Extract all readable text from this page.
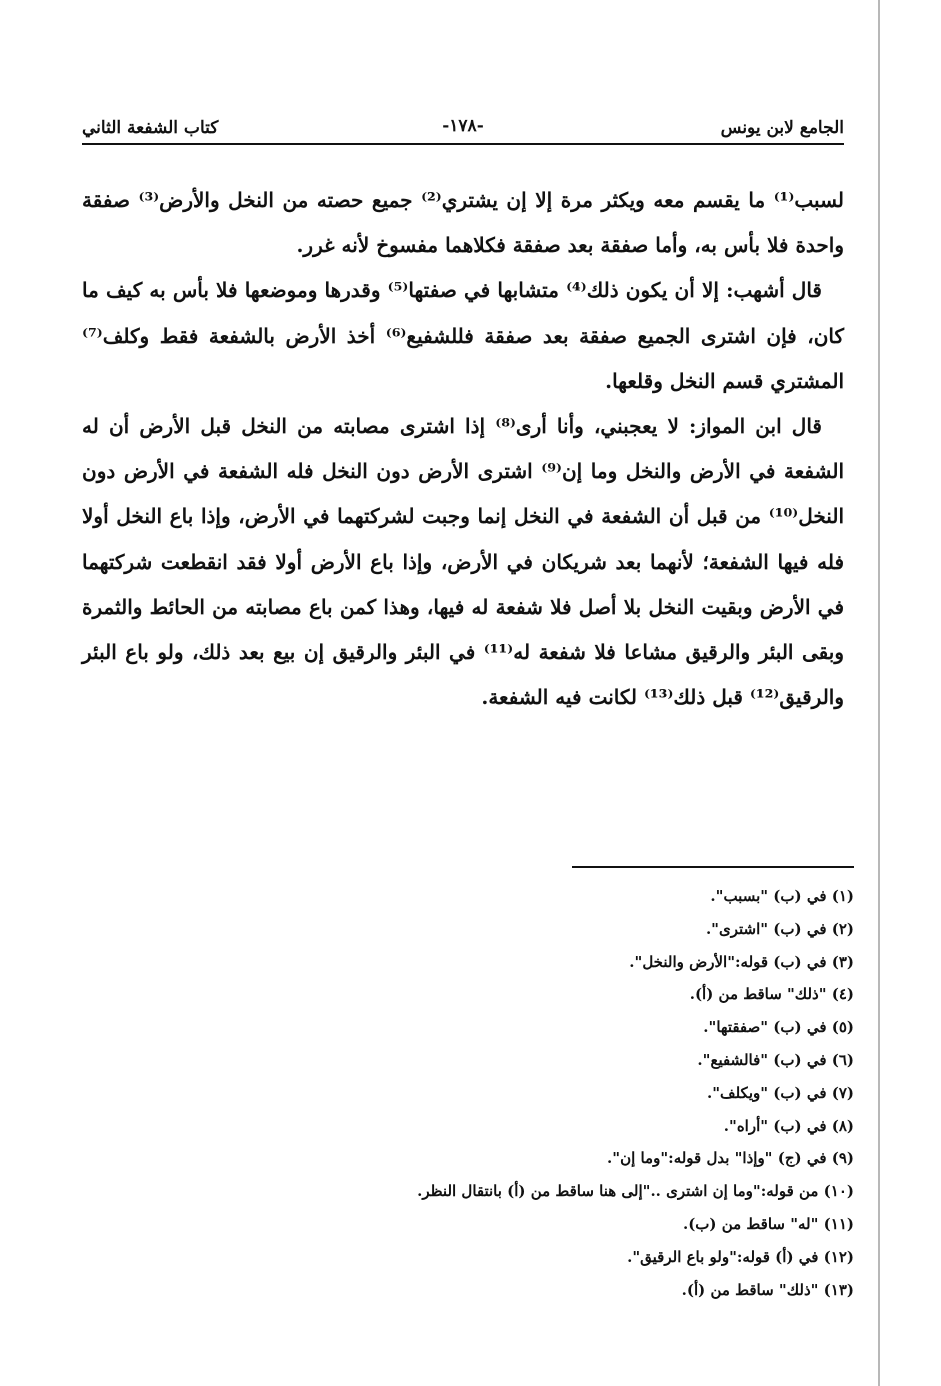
الجامع لابن يونس
-١٧٨-
كتاب الشفعة الثاني

لسبب⁽¹⁾ ما يقسم معه ويكثر مرة إلا إن يشتري⁽²⁾ جميع حصته من النخل والأرض⁽³⁾ صفقة واحدة فلا بأس به، وأما صفقة بعد صفقة فكلاهما مفسوخ لأنه غرر.

قال أشهب: إلا أن يكون ذلك⁽⁴⁾ متشابها في صفتها⁽⁵⁾ وقدرها وموضعها فلا بأس به كيف ما كان، فإن اشترى الجميع صفقة بعد صفقة فللشفيع⁽⁶⁾ أخذ الأرض بالشفعة فقط وكلف⁽⁷⁾ المشتري قسم النخل وقلعها.

قال ابن المواز: لا يعجبني، وأنا أرى⁽⁸⁾ إذا اشترى مصابته من النخل قبل الأرض أن له الشفعة في الأرض والنخل وما إن⁽⁹⁾ اشترى الأرض دون النخل فله الشفعة في الأرض دون النخل⁽¹⁰⁾ من قبل أن الشفعة في النخل إنما وجبت لشركتهما في الأرض، وإذا باع النخل أولا فله فيها الشفعة؛ لأنهما بعد شريكان في الأرض، وإذا باع الأرض أولا فقد انقطعت شركتهما في الأرض وبقيت النخل بلا أصل فلا شفعة له فيها، وهذا كمن باع مصابته من الحائط والثمرة وبقى البئر والرقيق مشاعا فلا شفعة له⁽¹¹⁾ في البئر والرقيق إن بيع بعد ذلك، ولو باع البئر والرقيق⁽¹²⁾ قبل ذلك⁽¹³⁾ لكانت فيه الشفعة.

(١) في (ب) "بسبب".
(٢) في (ب) "اشترى".
(٣) في (ب) قوله:"الأرض والنخل".
(٤) "ذلك" ساقط من (أ).
(٥) في (ب) "صفقتها".
(٦) في (ب) "فالشفيع".
(٧) في (ب) "ويكلف".
(٨) في (ب) "أراه".
(٩) في (ج) "وإذا" بدل قوله:"وما إن".
(١٠) من قوله:"وما إن اشترى .."إلى هنا ساقط من (أ) بانتقال النظر.
(١١) "له" ساقط من (ب).
(١٢) في (أ) قوله:"ولو باع الرقيق".
(١٣) "ذلك" ساقط من (أ).
